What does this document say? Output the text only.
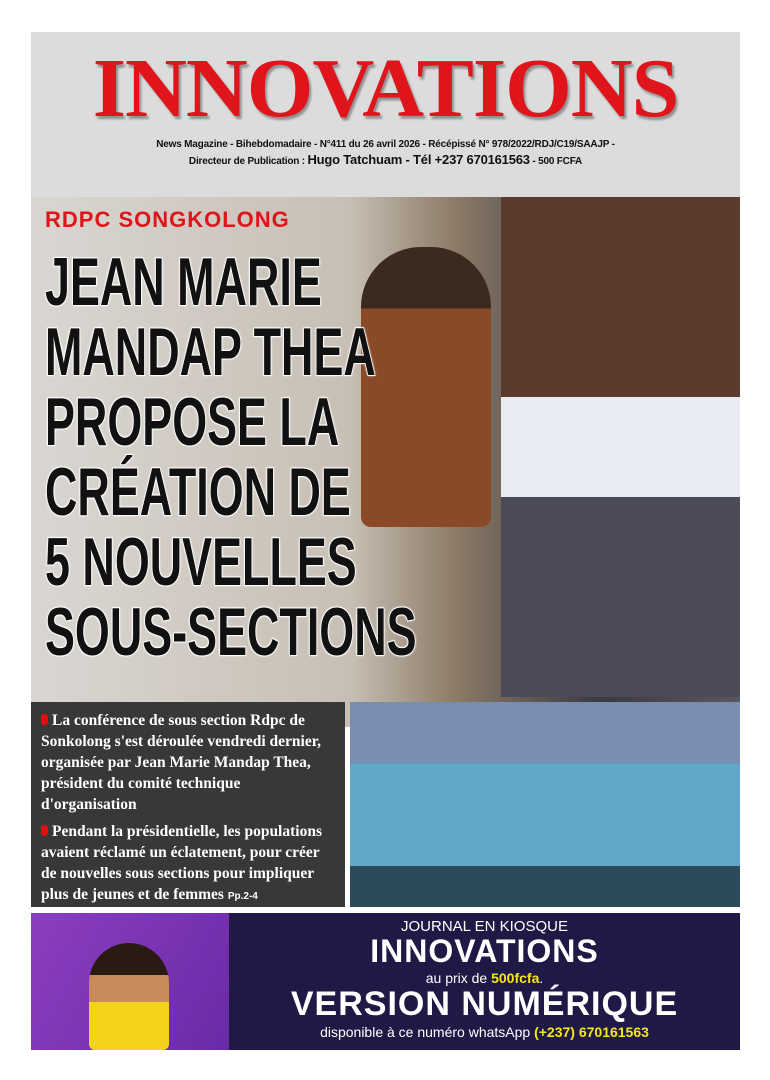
INNOVATIONS
News Magazine - Bihebdomadaire - N°411 du 26 avril 2026 - Récépissé N° 978/2022/RDJ/C19/SAAJP -
Directeur de Publication : Hugo Tatchuam - Tél +237 670161563 - 500 FCFA
RDPC SONGKOLONG
JEAN MARIE
MANDAP THEA
PROPOSE LA
CRÉATION DE
5 NOUVELLES
SOUS-SECTIONS

La conférence de sous section Rdpc de Sonkolong s'est déroulée vendredi dernier, organisée par Jean Marie Mandap Thea, président du comité technique d'organisation

Pendant la présidentielle, les populations avaient réclamé un éclatement, pour créer de nouvelles sous sections pour impliquer plus de jeunes et de femmes Pp.2-4

JOURNAL EN KIOSQUE
INNOVATIONS
au prix de 500fcfa.
VERSION NUMÉRIQUE
disponible à ce numéro whatsApp (+237) 670161563
